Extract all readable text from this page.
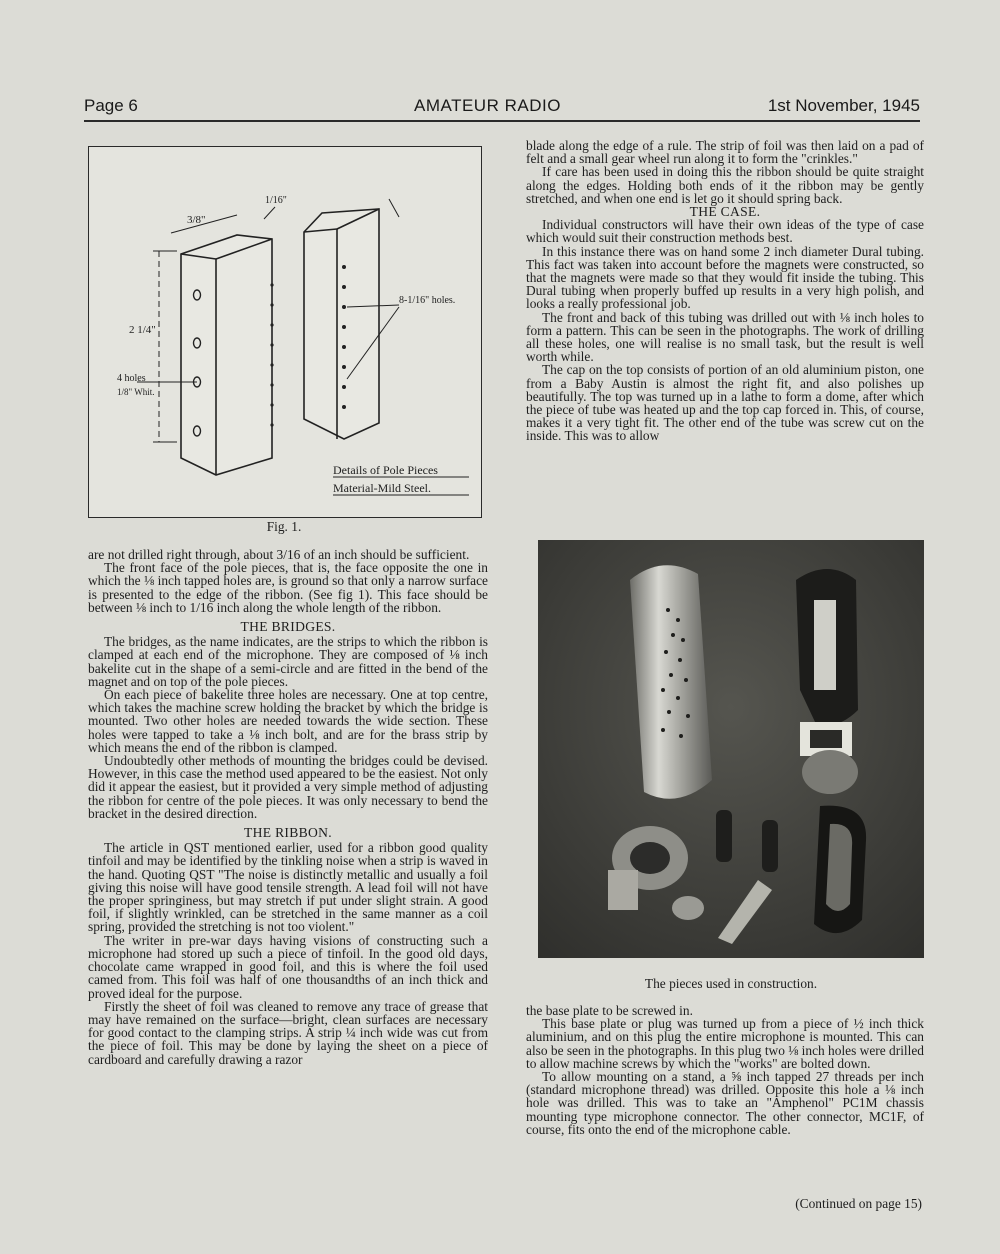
Page 6	AMATEUR RADIO	1st November, 1945
3/8"
1/16"
2 1/4"
4 holes
1/8" Whit.
8-1/16" holes.
Details of Pole Pieces
Material-Mild Steel.
Fig. 1.

are not drilled right through, about 3/16 of an inch should be sufficient.

The front face of the pole pieces, that is, the face opposite the one in which the ⅛ inch tapped holes are, is ground so that only a narrow surface is presented to the edge of the ribbon. (See fig 1). This face should be between ⅛ inch to 1/16 inch along the whole length of the ribbon.

THE BRIDGES.

The bridges, as the name indicates, are the strips to which the ribbon is clamped at each end of the microphone. They are composed of ⅛ inch bakelite cut in the shape of a semi-circle and are fitted in the bend of the magnet and on top of the pole pieces.

On each piece of bakelite three holes are necessary. One at top centre, which takes the machine screw holding the bracket by which the bridge is mounted. Two other holes are needed towards the wide section. These holes were tapped to take a ⅛ inch bolt, and are for the brass strip by which means the end of the ribbon is clamped.

Undoubtedly other methods of mounting the bridges could be devised. However, in this case the method used appeared to be the easiest. Not only did it appear the easiest, but it provided a very simple method of adjusting the ribbon for centre of the pole pieces. It was only necessary to bend the bracket in the desired direction.

THE RIBBON.

The article in QST mentioned earlier, used for a ribbon good quality tinfoil and may be identified by the tinkling noise when a strip is waved in the hand. Quoting QST "The noise is distinctly metallic and usually a foil giving this noise will have good tensile strength. A lead foil will not have the proper springiness, but may stretch if put under slight strain. A good foil, if slightly wrinkled, can be stretched in the same manner as a coil spring, provided the stretching is not too violent."

The writer in pre-war days having visions of constructing such a microphone had stored up such a piece of tinfoil. In the good old days, chocolate came wrapped in good foil, and this is where the foil used camed from. This foil was half of one thousandths of an inch thick and proved ideal for the purpose.

Firstly the sheet of foil was cleaned to remove any trace of grease that may have remained on the surface—bright, clean surfaces are necessary for good contact to the clamping strips. A strip ¼ inch wide was cut from the piece of foil. This may be done by laying the sheet on a piece of cardboard and carefully drawing a razor

blade along the edge of a rule. The strip of foil was then laid on a pad of felt and a small gear wheel run along it to form the "crinkles."

If care has been used in doing this the ribbon should be quite straight along the edges. Holding both ends of it the ribbon may be gently stretched, and when one end is let go it should spring back.

THE CASE.

Individual constructors will have their own ideas of the type of case which would suit their construction methods best.

In this instance there was on hand some 2 inch diameter Dural tubing. This fact was taken into account before the magnets were constructed, so that the magnets were made so that they would fit inside the tubing. This Dural tubing when properly buffed up results in a very high polish, and looks a really professional job.

The front and back of this tubing was drilled out with ⅛ inch holes to form a pattern. This can be seen in the photographs. The work of drilling all these holes, one will realise is no small task, but the result is well worth while.

The cap on the top consists of portion of an old aluminium piston, one from a Baby Austin is almost the right fit, and also polishes up beautifully. The top was turned up in a lathe to form a dome, after which the piece of tube was heated up and the top cap forced in. This, of course, makes it a very tight fit. The other end of the tube was screw cut on the inside. This was to allow

The pieces used in construction.

the base plate to be screwed in.

This base plate or plug was turned up from a piece of ½ inch thick aluminium, and on this plug the entire microphone is mounted. This can also be seen in the photographs. In this plug two ⅛ inch holes were drilled to allow machine screws by which the "works" are bolted down.

To allow mounting on a stand, a ⅝ inch tapped 27 threads per inch (standard microphone thread) was drilled. Opposite this hole a ⅛ inch hole was drilled. This was to take an "Amphenol" PC1M chassis mounting type microphone connector. The other connector, MC1F, of course, fits onto the end of the microphone cable.

(Continued on page 15)
